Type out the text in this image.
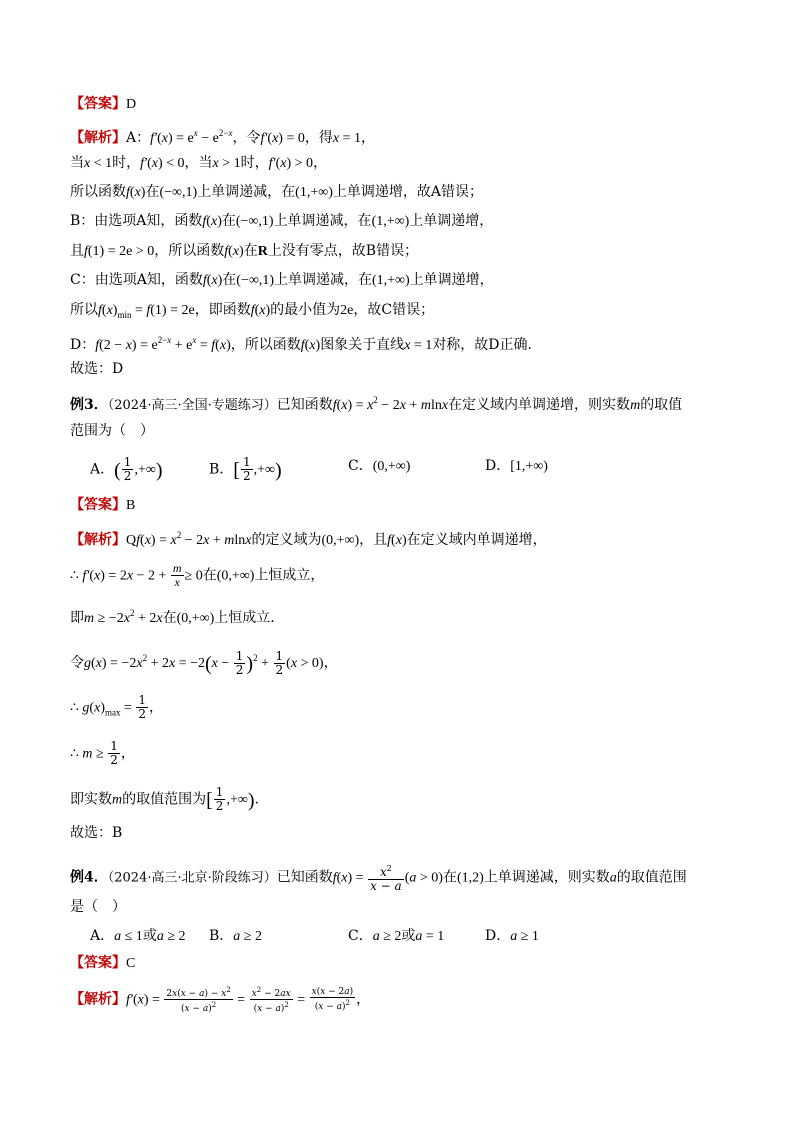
【答案】D
【解析】A：$f'(x) = e^x - e^{2-x}$，令f′(x) = 0，得x = 1，
当x < 1时，f′(x) < 0，当x > 1时，f′(x) > 0，
所以函数f(x)在(−∞,1)上单调递减，在(1,+∞)上单调递增，故A错误；
B：由选项A知，函数f(x)在(−∞,1)上单调递减，在(1,+∞)上单调递增，
且f(1) = 2e > 0，所以函数f(x)在R上没有零点，故B错误；
C：由选项A知，函数f(x)在(−∞,1)上单调递减，在(1,+∞)上单调递增，
所以$f(x)_{min} = f(1) = 2e$，即函数f(x)的最小值为2e，故C错误；
D：$f(2 - x) = e^{2-x} + e^x = f(x)$，所以函数f(x)图象关于直线x = 1对称，故D正确.
故选：D
例3．（2024·高三·全国·专题练习）已知函数$f(x) = x^2 - 2x + mlnx$在定义域内单调递增，则实数m的取值
范围为（　）
A．( $\frac{1}{2}$ ,+∞)	B．[ $\frac{1}{2}$ ,+∞)	C．(0,+∞)	D．[1,+∞)
【答案】B
【解析】$Qf(x) = x^2 - 2x + mlnx$的定义域为(0,+∞)，且f(x)在定义域内单调递增，
∴ $f'(x) = 2x - 2 + \frac{m}{x} \ge 0$在(0,+∞)上恒成立，
即$m \ge -2x^2 + 2x$在(0,+∞)上恒成立.
令$g(x) = -2x^2 + 2x = -2(x - \frac{1}{2} )^2 + \frac{1}{2} (x > 0)$，
∴ $g(x)_{max} = \frac{1}{2}$ ，
∴ $m \ge \frac{1}{2}$ ，
即实数m的取值范围为[ $\frac{1}{2}$ ,+∞).
故选：B
例4．（2024·高三·北京·阶段练习）已知函数$f(x) = \frac{x^2}{x - a} (a > 0)$在(1,2)上单调递减，则实数a的取值范围
是（　）
A．a ≤ 1或a ≥ 2 B．a ≥ 2	C．a ≥ 2或a = 1	D．a ≥ 1
【答案】C
【解析】$f'(x) = \frac{2x(x - a) - x^2}{(x - a)^2} = \frac{x^2 - 2ax}{(x - a)^2} = \frac{x(x - 2a)}{(x - a)^2}$ ，
